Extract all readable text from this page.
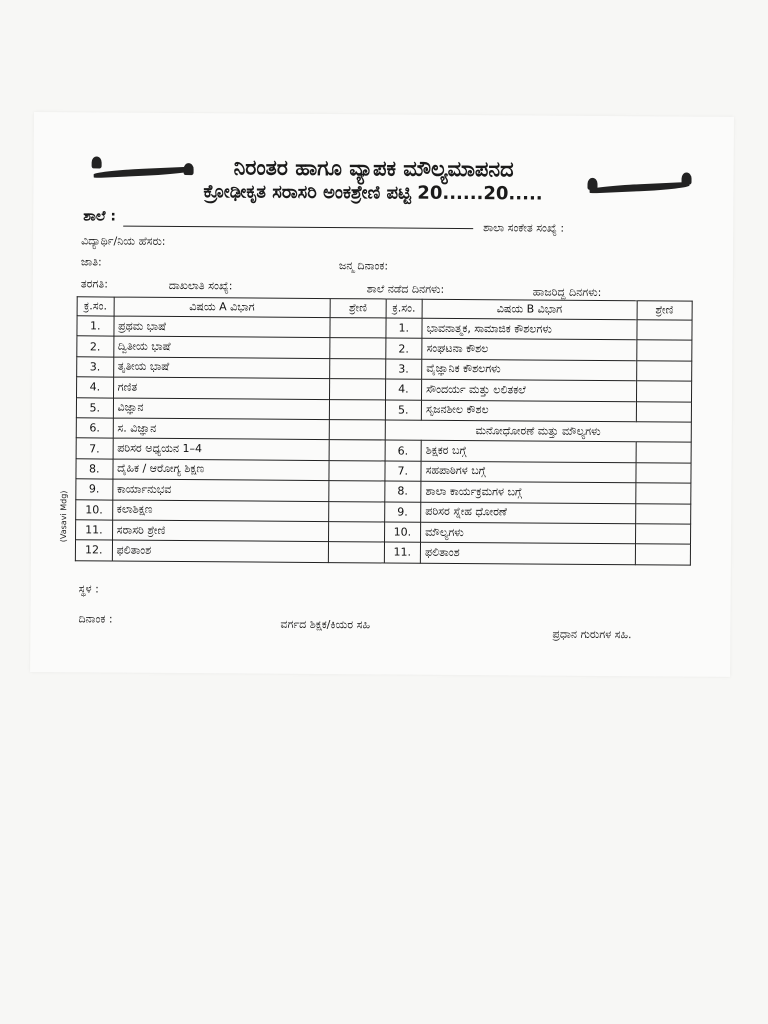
ನಿರಂತರ ಹಾಗೂ ವ್ಯಾಪಕ ಮೌಲ್ಯಮಾಪನದ
ಕ್ರೋಢೀಕೃತ ಸರಾಸರಿ ಅಂಕಶ್ರೇಣಿ ಪಟ್ಟಿ 20......20.....
ಶಾಲೆ :
ಶಾಲಾ ಸಂಕೇತ ಸಂಖ್ಯೆ :
ವಿದ್ಯಾರ್ಥಿ/ನಿಯ ಹೆಸರು:
ಜಾತಿ:	ಜನ್ಮ ದಿನಾಂಕ:
ತರಗತಿ:	ದಾಖಲಾತಿ ಸಂಖ್ಯೆ:	ಶಾಲೆ ನಡೆದ ದಿನಗಳು:	ಹಾಜರಿದ್ದ ದಿನಗಳು:
ಕ್ರ.ಸಂ.	ವಿಷಯ A ವಿಭಾಗ	ಶ್ರೇಣಿ	ಕ್ರ.ಸಂ.	ವಿಷಯ B ವಿಭಾಗ	ಶ್ರೇಣಿ
1.	ಪ್ರಥಮ ಭಾಷೆ		1.	ಭಾವನಾತ್ಮಕ, ಸಾಮಾಜಿಕ ಕೌಶಲಗಳು	
2.	ದ್ವಿತೀಯ ಭಾಷೆ		2.	ಸಂಘಟನಾ ಕೌಶಲ	
3.	ತೃತೀಯ ಭಾಷೆ		3.	ವೈಜ್ಞಾನಿಕ ಕೌಶಲಗಳು	
4.	ಗಣಿತ		4.	ಸೌಂದರ್ಯ ಮತ್ತು ಲಲಿತಕಲೆ	
5.	ವಿಜ್ಞಾನ		5.	ಸೃಜನಶೀಲ ಕೌಶಲ	
6.	ಸ. ವಿಜ್ಞಾನ		ಮನೋಧೋರಣೆ ಮತ್ತು ಮೌಲ್ಯಗಳು		
7.	ಪರಿಸರ ಅಧ್ಯಯನ 1–4		6.	ಶಿಕ್ಷಕರ ಬಗ್ಗೆ	
8.	ದೈಹಿಕ / ಆರೋಗ್ಯ ಶಿಕ್ಷಣ		7.	ಸಹಪಾಠಿಗಳ ಬಗ್ಗೆ	
9.	ಕಾರ್ಯಾನುಭವ		8.	ಶಾಲಾ ಕಾರ್ಯಕ್ರಮಗಳ ಬಗ್ಗೆ	
10.	ಕಲಾಶಿಕ್ಷಣ		9.	ಪರಿಸರ ಸ್ನೇಹ ಧೋರಣೆ	
11.	ಸರಾಸರಿ ಶ್ರೇಣಿ		10.	ಮೌಲ್ಯಗಳು	
12.	ಫಲಿತಾಂಶ		11.	ಫಲಿತಾಂಶ	
(Vasavi Mdg)
ಸ್ಥಳ :
ದಿನಾಂಕ :	ವರ್ಗದ ಶಿಕ್ಷಕ/ಕಿಯರ ಸಹಿ
ಪ್ರಧಾನ ಗುರುಗಳ ಸಹಿ.
